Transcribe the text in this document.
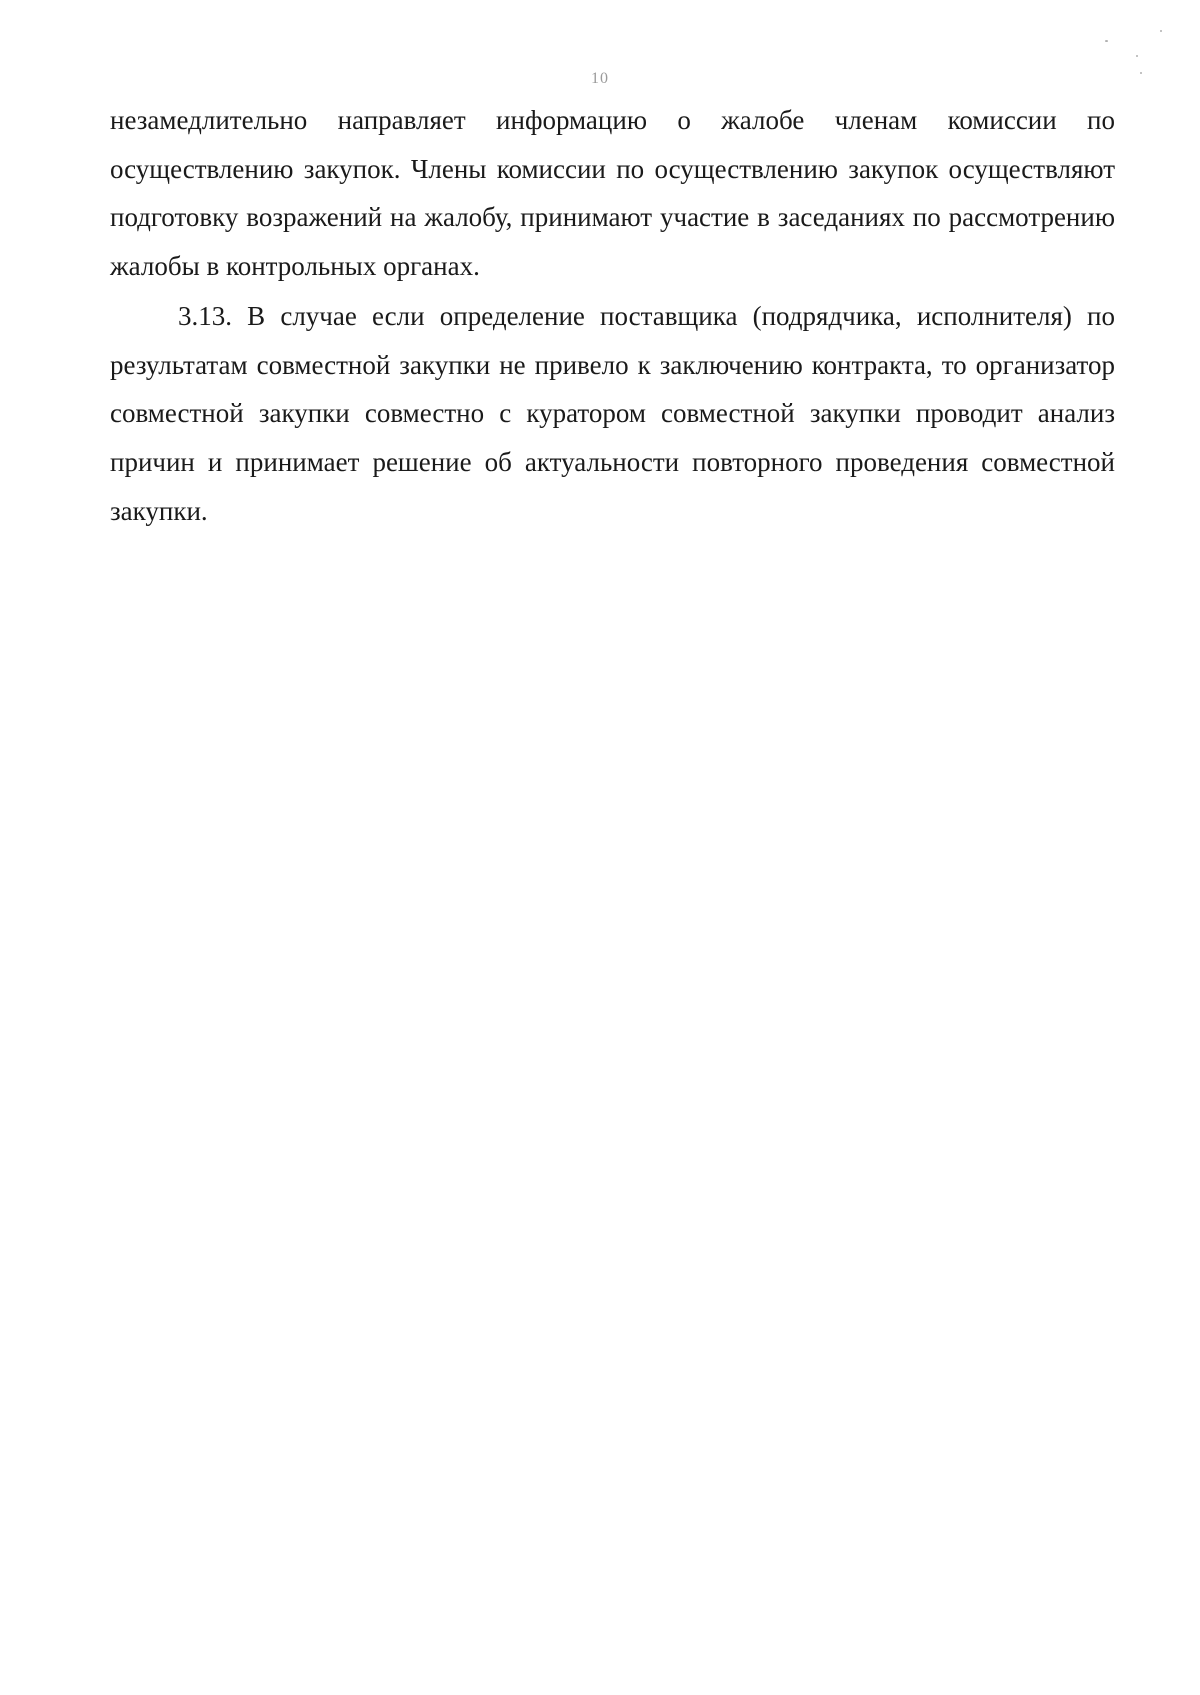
10

незамедлительно направляет информацию о жалобе членам комиссии по осуществлению закупок. Члены комиссии по осуществлению закупок осуществляют подготовку возражений на жалобу, принимают участие в заседаниях по рассмотрению жалобы в контрольных органах.

3.13. В случае если определение поставщика (подрядчика, исполнителя) по результатам совместной закупки не привело к заключению контракта, то организатор совместной закупки совместно с куратором совместной закупки проводит анализ причин и принимает решение об актуальности повторного проведения совместной закупки.
